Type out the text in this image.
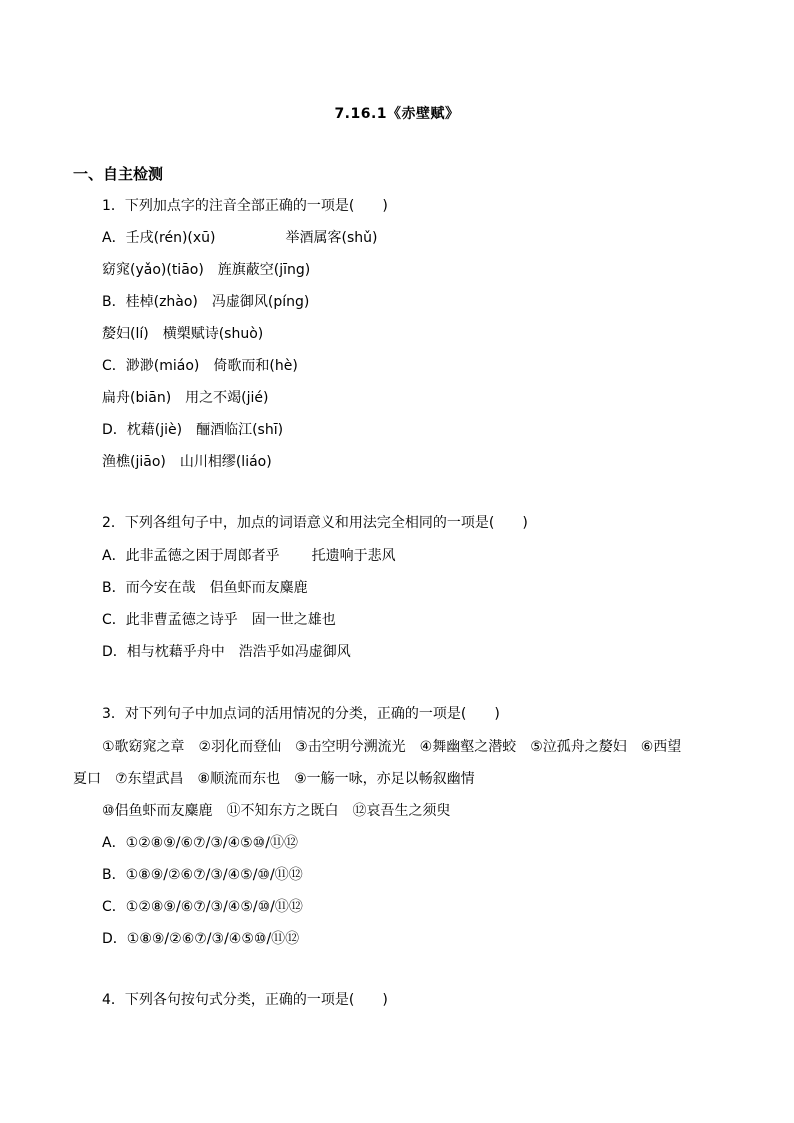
7.16.1《赤壁赋》
一、自主检测
1．下列加点字的注音全部正确的一项是(　　)
A．壬戌(rén)(xū)	举酒属客(shǔ)
窈窕(yǎo)(tiāo)　旌旗蔽空(jīng)
B．桂棹(zhào)　冯虚御风(píng)
嫠妇(lí)　横槊赋诗(shuò)
C．渺渺(miáo)　倚歌而和(hè)
扁舟(biān)　用之不竭(jié)
D．枕藉(jiè)　酾酒临江(shī)
渔樵(jiāo)　山川相缪(liáo)
2．下列各组句子中，加点的词语意义和用法完全相同的一项是(　　)
A．此非孟德之困于周郎者乎 托遗响于悲风
B．而今安在哉　侣鱼虾而友麋鹿
C．此非曹孟德之诗乎　固一世之雄也
D．相与枕藉乎舟中　浩浩乎如冯虚御风
3．对下列句子中加点词的活用情况的分类，正确的一项是(　　)
①歌窈窕之章　②羽化而登仙　③击空明兮溯流光　④舞幽壑之潜蛟　⑤泣孤舟之嫠妇　⑥西望
夏口　⑦东望武昌　⑧顺流而东也　⑨一觞一咏，亦足以畅叙幽情
⑩侣鱼虾而友麋鹿　⑪不知东方之既白　⑫哀吾生之须臾
A．①②⑧⑨/⑥⑦/③/④⑤⑩/⑪⑫
B．①⑧⑨/②⑥⑦/③/④⑤/⑩/⑪⑫
C．①②⑧⑨/⑥⑦/③/④⑤/⑩/⑪⑫
D．①⑧⑨/②⑥⑦/③/④⑤⑩/⑪⑫
4．下列各句按句式分类，正确的一项是(　　)
